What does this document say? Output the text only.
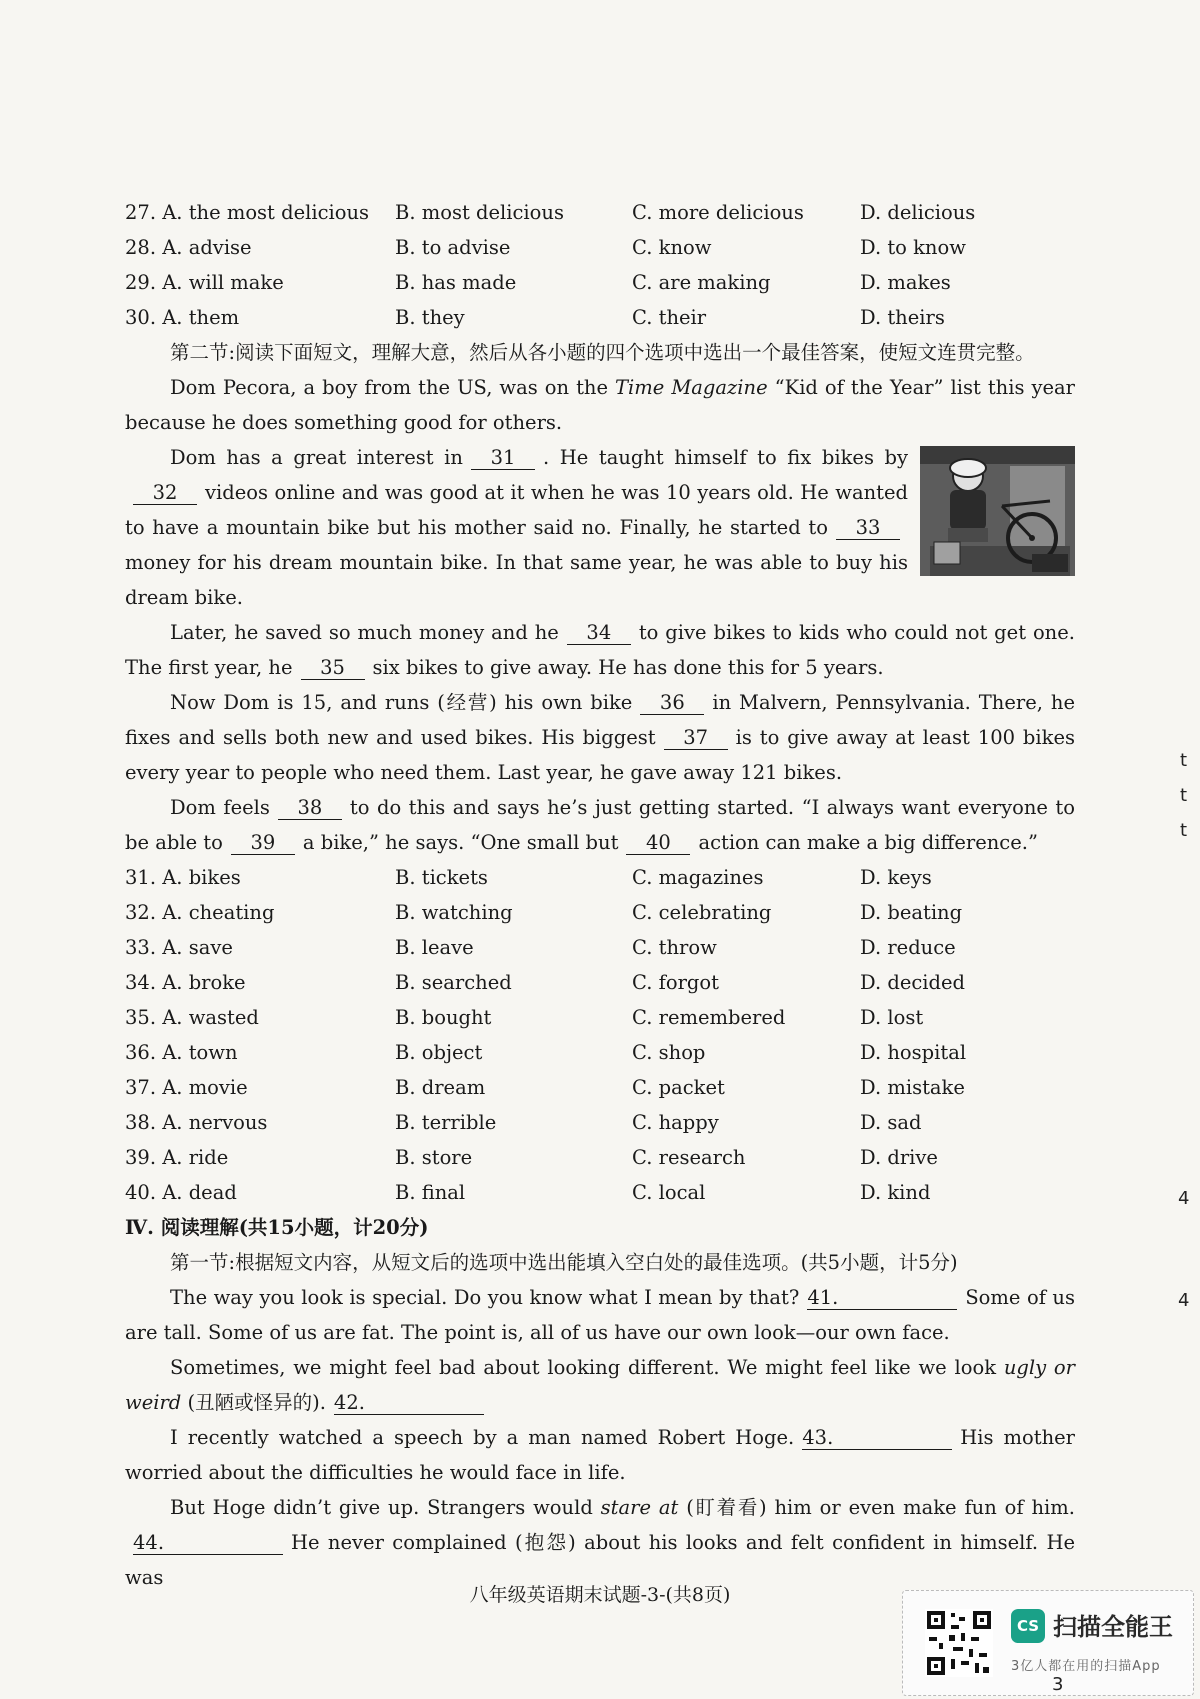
27. A. the most delicious	B. most delicious	C. more delicious	D. delicious
28. A. advise	B. to advise	C. know	D. to know
29. A. will make	B. has made	C. are making	D. makes
30. A. them	B. they	C. their	D. theirs

第二节:阅读下面短文，理解大意，然后从各小题的四个选项中选出一个最佳答案，使短文连贯完整。

Dom Pecora, a boy from the US, was on the Time Magazine “Kid of the Year” list this year because he does something good for others.

Dom has a great interest in 31 . He taught himself to fix bikes by32 videos online and was good at it when he was 10 years old. He wanted to have a mountain bike but his mother said no. Finally, he started to 33money for his dream mountain bike. In that same year, he was able to buy his dream bike.

Later, he saved so much money and he 34 to give bikes to kids who could not get one. The first year, he 35 six bikes to give away. He has done this for 5 years.

Now Dom is 15, and runs (经营) his own bike 36 in Malvern, Pennsylvania. There, he fixes and sells both new and used bikes. His biggest 37 is to give away at least 100 bikes every year to people who need them. Last year, he gave away 121 bikes.

Dom feels 38 to do this and says he’s just getting started. “I always want everyone to be able to 39 a bike,” he says. “One small but 40 action can make a big difference.”

31. A. bikes	B. tickets	C. magazines	D. keys
32. A. cheating	B. watching	C. celebrating	D. beating
33. A. save	B. leave	C. throw	D. reduce
34. A. broke	B. searched	C. forgot	D. decided
35. A. wasted	B. bought	C. remembered	D. lost
36. A. town	B. object	C. shop	D. hospital
37. A. movie	B. dream	C. packet	D. mistake
38. A. nervous	B. terrible	C. happy	D. sad
39. A. ride	B. store	C. research	D. drive
40. A. dead	B. final	C. local	D. kind

Ⅳ. 阅读理解(共15小题，计20分)

第一节:根据短文内容，从短文后的选项中选出能填入空白处的最佳选项。(共5小题，计5分)

The way you look is special. Do you know what I mean by that? 41.	Some of us are tall. Some of us are fat. The point is, all of us have our own look—our own face.

Sometimes, we might feel bad about looking different. We might feel like we look ugly or weird (丑陋或怪异的). 42.

I recently watched a speech by a man named Robert Hoge. 43.	His mother worried about the difficulties he would face in life.

But Hoge didn’t give up. Strangers would stare at (盯着看) him or even make fun of him.44.	He never complained (抱怨) about his looks and felt confident in himself. He was

t
t
t
4
4
八年级英语期末试题-3-(共8页)
CS 扫描全能王
3亿人都在用的扫描App
3
